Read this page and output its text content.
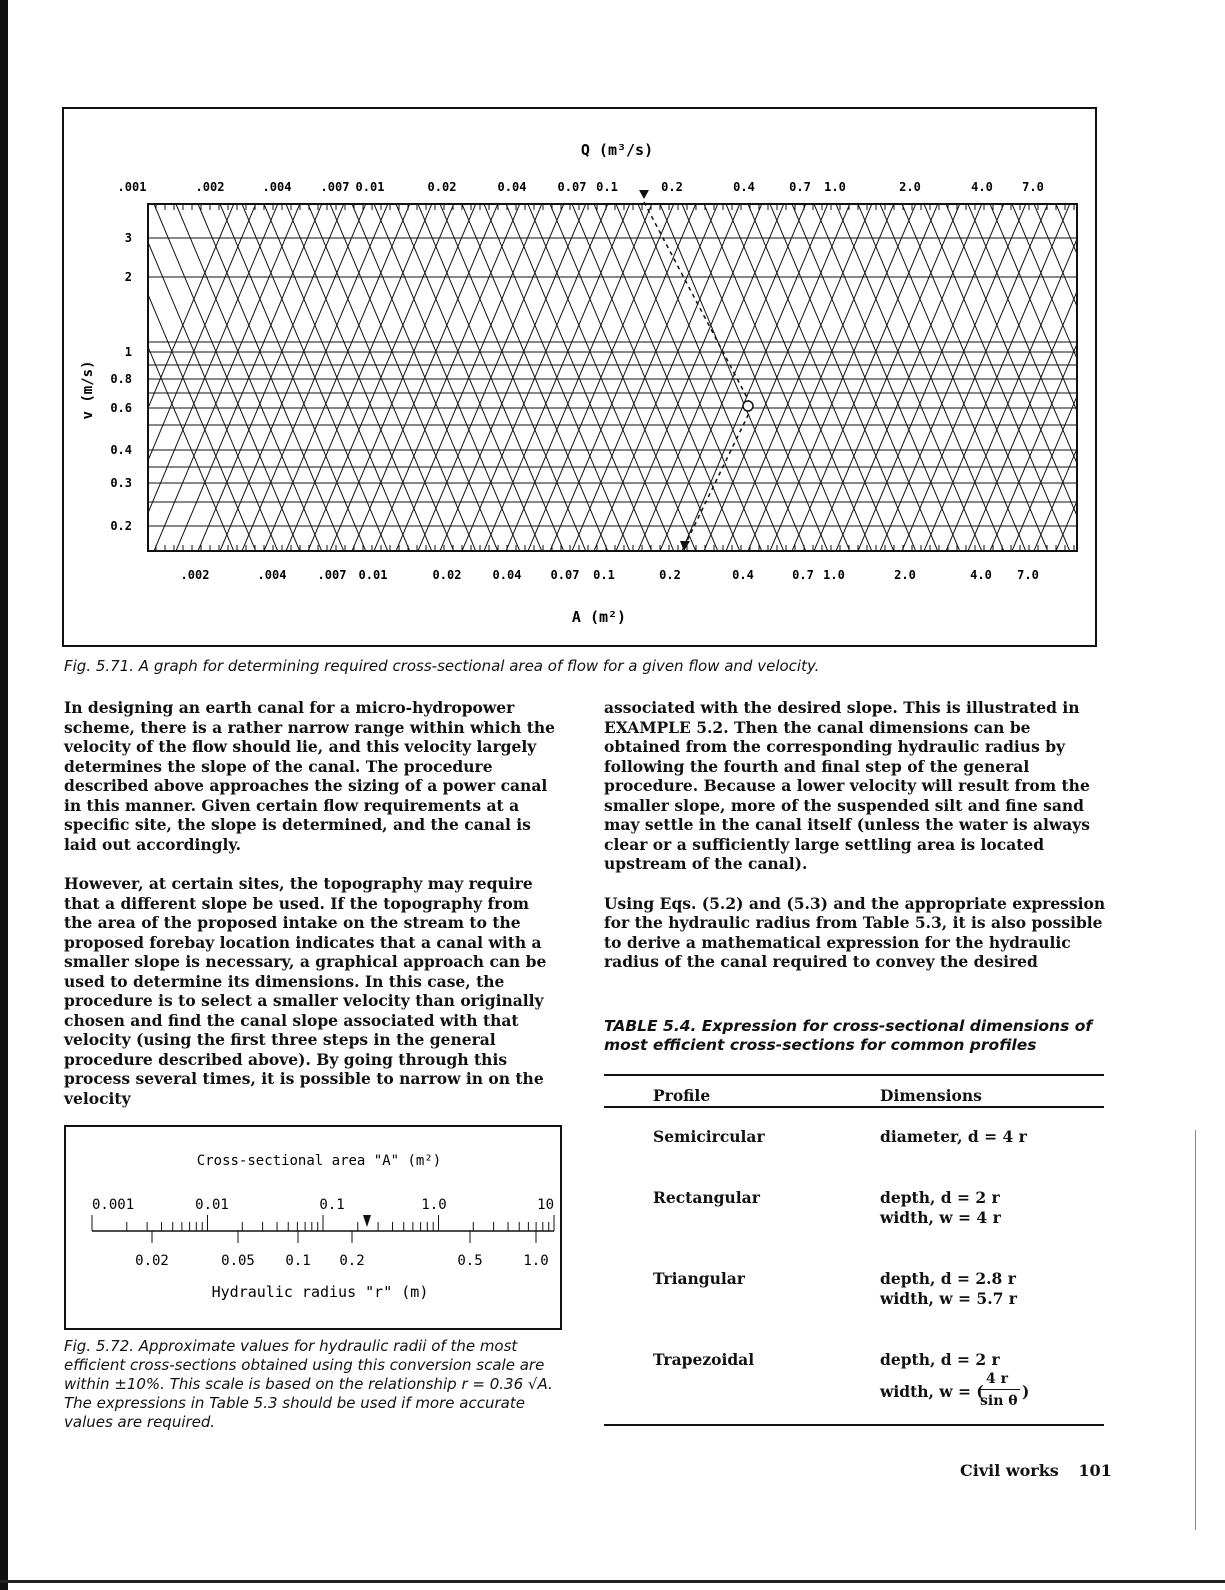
Q (m³/s)
A (m²)
v (m/s)
.001	.002	.004 .007 0.01	0.02	0.04	0.07 0.1	0.2	0.4	0.7 1.0	2.0	4.0 7.0
.002	.004	.007 0.01	0.02	0.04 0.07 0.1	0.2	0.4	0.7 1.0	2.0	4.0 7.0
3
2
1
0.8
0.6
0.4
0.3
0.2
Fig. 5.71. A graph for determining required cross-sectional area of flow for a given flow and velocity.

In designing an earth canal for a micro-hydropower scheme, there is a rather narrow range within which the velocity of the flow should lie, and this velocity largely determines the slope of the canal. The procedure described above approaches the sizing of a power canal in this manner. Given certain flow requirements at a specific site, the slope is determined, and the canal is laid out accordingly.

However, at certain sites, the topography may require that a different slope be used. If the topography from the area of the proposed intake on the stream to the proposed forebay location indicates that a canal with a smaller slope is necessary, a graphical approach can be used to determine its dimensions. In this case, the procedure is to select a smaller velocity than originally chosen and find the canal slope associated with that velocity (using the first three steps in the general procedure described above). By going through this process several times, it is possible to narrow in on the velocity

associated with the desired slope. This is illustrated in EXAMPLE 5.2. Then the canal dimensions can be obtained from the corresponding hydraulic radius by following the fourth and final step of the general procedure. Because a lower velocity will result from the smaller slope, more of the suspended silt and fine sand may settle in the canal itself (unless the water is always clear or a sufficiently large settling area is located upstream of the canal).

Using Eqs. (5.2) and (5.3) and the appropriate expression for the hydraulic radius from Table 5.3, it is also possible to derive a mathematical expression for the hydraulic radius of the canal required to convey the desired

Cross-sectional area "A" (m²)
Hydraulic radius "r" (m)
0.001	0.01	0.1	1.0	10
0.02	0.05 0.1 0.2	0.5	1.0
Fig. 5.72. Approximate values for hydraulic radii of the most efficient cross-sections obtained using this conversion scale are within ±10%. This scale is based on the relationship r = 0.36 √A. The expressions in Table 5.3 should be used if more accurate values are required.
TABLE 5.4. Expression for cross-sectional dimensions of most efficient cross-sections for common profiles
Profile	Dimensions
Semicircular	diameter, d = 4 r
Rectangular	depth, d = 2 r
width, w = 4 r
Triangular	depth, d = 2.8 r
width, w = 5.7 r
Trapezoidal	depth, d = 2 r
width, w = (
4 r
sin θ )
Civil works 101
